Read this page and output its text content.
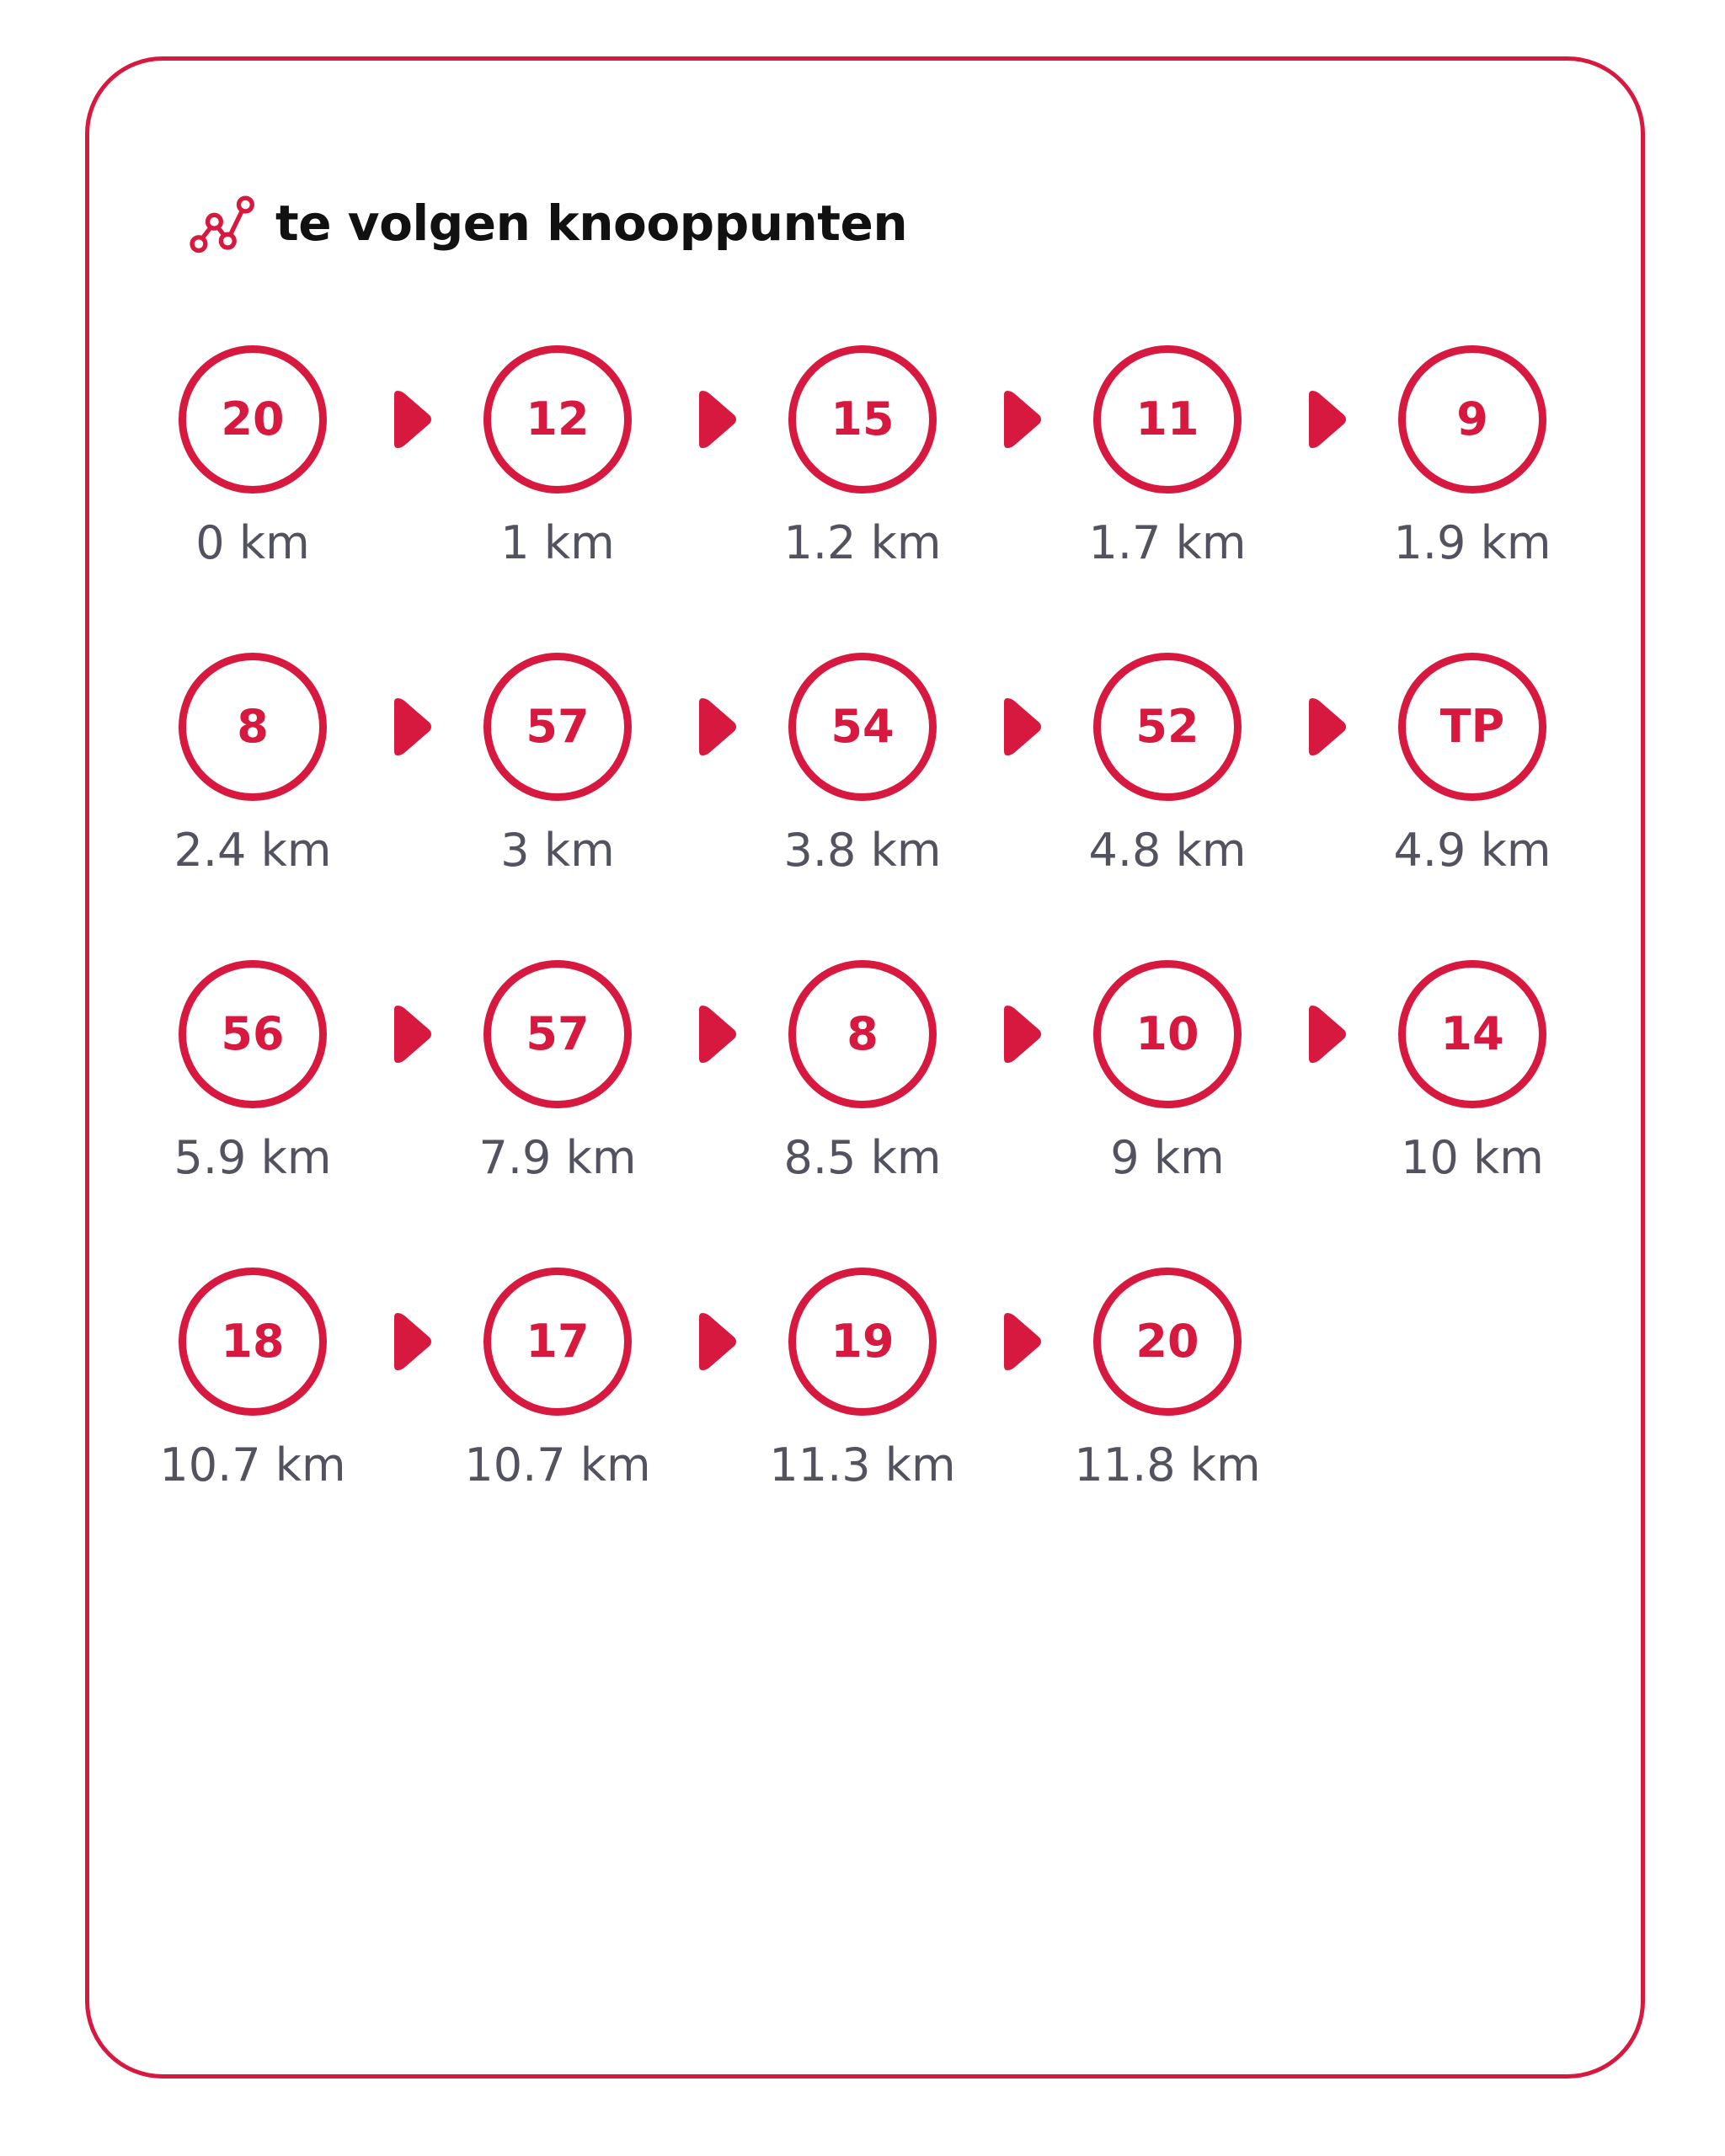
te volgen knooppunten
20
0 km
12
1 km
15
1.2 km
11
1.7 km
9
1.9 km
8
2.4 km
57
3 km
54
3.8 km
52
4.8 km
TP
4.9 km
56
5.9 km
57
7.9 km
8
8.5 km
10
9 km
14
10 km
18
10.7 km
17
10.7 km
19
11.3 km
20
11.8 km
